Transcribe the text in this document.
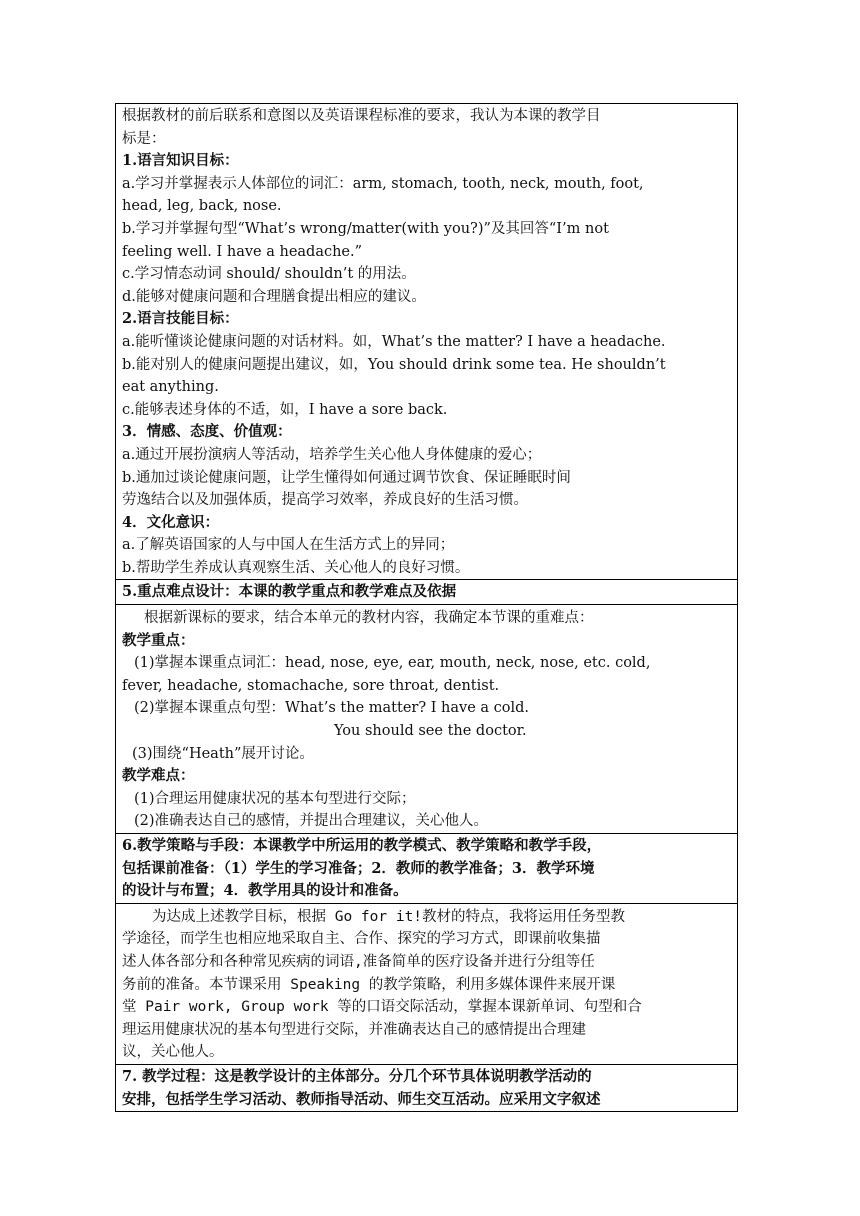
根据教材的前后联系和意图以及英语课程标准的要求，我认为本课的教学目
标是：
1.语言知识目标：
a.学习并掌握表示人体部位的词汇：arm, stomach, tooth, neck, mouth, foot,
head, leg, back, nose.
b.学习并掌握句型“What’s wrong/matter(with you?)”及其回答“I’m not
feeling well. I have a headache.”
c.学习情态动词 should/ shouldn’t 的用法。
d.能够对健康问题和合理膳食提出相应的建议。
2.语言技能目标：
a.能听懂谈论健康问题的对话材料。如，What’s the matter? I have a headache.
b.能对别人的健康问题提出建议，如，You should drink some tea. He shouldn’t
eat anything.
c.能够表述身体的不适，如，I have a sore back.
3．情感、态度、价值观：
a.通过开展扮演病人等活动，培养学生关心他人身体健康的爱心；
b.通加过谈论健康问题，让学生懂得如何通过调节饮食、保证睡眠时间
劳逸结合以及加强体质，提高学习效率，养成良好的生活习惯。
4．文化意识：
a.了解英语国家的人与中国人在生活方式上的异同；
b.帮助学生养成认真观察生活、关心他人的良好习惯。

5.重点难点设计：本课的教学重点和教学难点及依据

根据新课标的要求，结合本单元的教材内容，我确定本节课的重难点：
教学重点：
(1)掌握本课重点词汇：head, nose, eye, ear, mouth, neck, nose, etc. cold,
fever, headache, stomachache, sore throat, dentist.
(2)掌握本课重点句型：What’s the matter? I have a cold.
You should see the doctor.
(3)围绕“Heath”展开讨论。
教学难点：
(1)合理运用健康状况的基本句型进行交际；
(2)准确表达自己的感情，并提出合理建议，关心他人。

6.教学策略与手段：本课教学中所运用的教学模式、教学策略和教学手段，
包括课前准备：（1）学生的学习准备；2．教师的教学准备；3．教学环境
的设计与布置；4．教学用具的设计和准备。

为达成上述教学目标，根据 Go for it!教材的特点，我将运用任务型教
学途径，而学生也相应地采取自主、合作、探究的学习方式，即课前收集描
述人体各部分和各种常见疾病的词语,准备简单的医疗设备并进行分组等任
务前的准备。本节课采用 Speaking 的教学策略，利用多媒体课件来展开课
堂 Pair work, Group work 等的口语交际活动，掌握本课新单词、句型和合
理运用健康状况的基本句型进行交际，并准确表达自己的感情提出合理建
议，关心他人。

7. 教学过程：这是教学设计的主体部分。分几个环节具体说明教学活动的
安排，包括学生学习活动、教师指导活动、师生交互活动。应采用文字叙述
